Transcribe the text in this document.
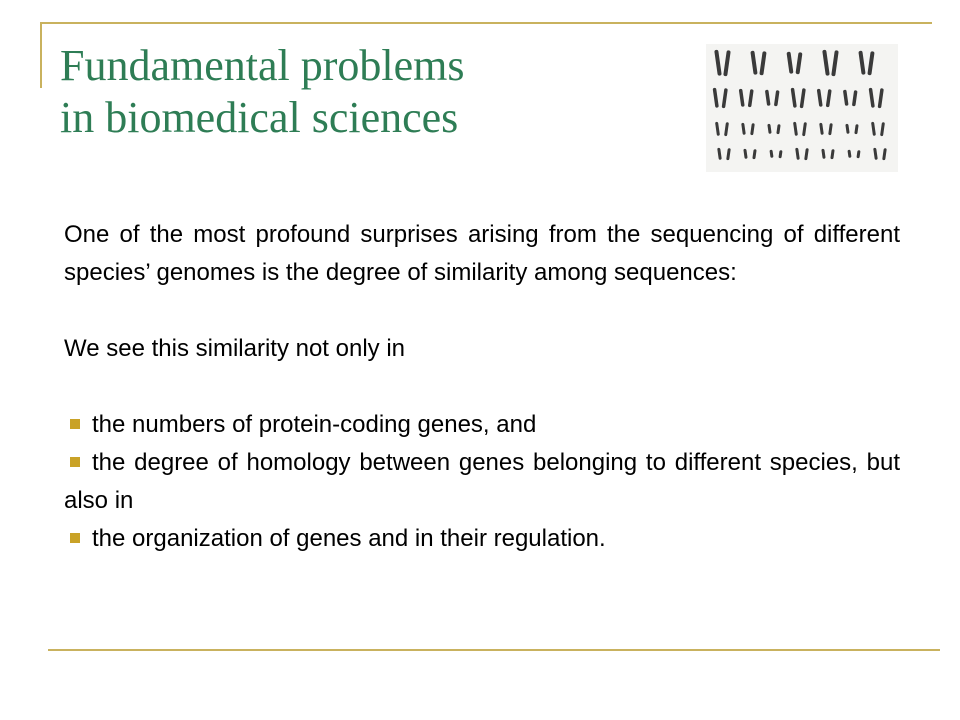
Fundamental problems
in biomedical sciences

One of the most profound surprises arising from the sequencing of different species’ genomes is the degree of similarity among sequences:

We see this similarity not only in

the numbers of protein-coding genes, and

the degree of homology between genes belonging to different species, but also in

the organization of genes and in their regulation.
